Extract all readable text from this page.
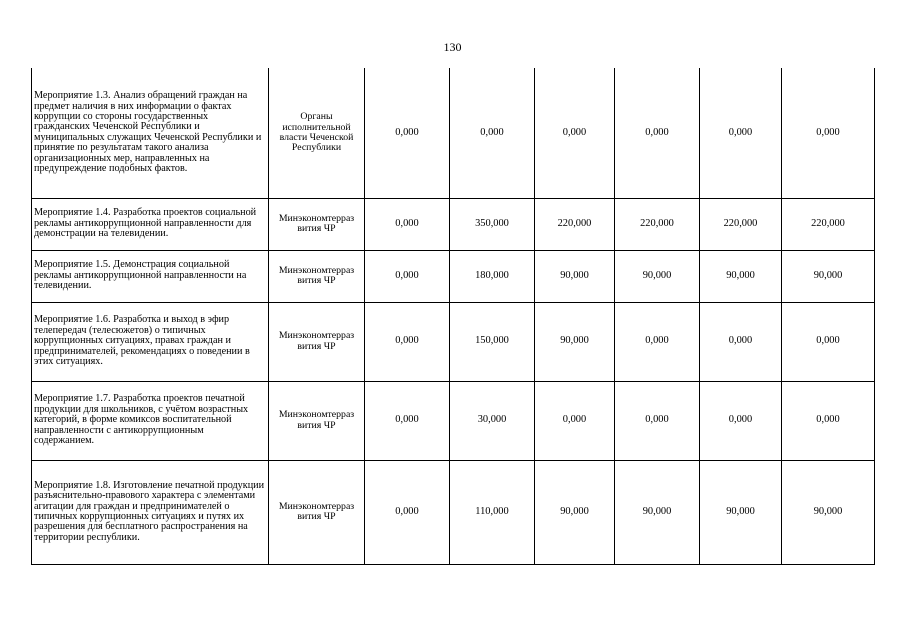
130
Мероприятие 1.3. Анализ обращений граждан на предмет наличия в них информации о фактах коррупции со стороны государственных гражданских Чеченской Республики и муниципальных служащих Чеченской Республики и принятие по результатам такого анализа организационных мер, направленных на предупреждение подобных фактов.	Органы исполнительной власти Чеченской Республики	0,000	0,000	0,000	0,000	0,000	0,000
Мероприятие 1.4. Разработка проектов социальной рекламы антикоррупционной направленности для демонстрации на телевидении.	Минэкономтерраз вития ЧР	0,000	350,000	220,000	220,000	220,000	220,000
Мероприятие 1.5. Демонстрация социальной рекламы антикоррупционной направленности на телевидении.	Минэкономтерраз вития ЧР	0,000	180,000	90,000	90,000	90,000	90,000
Мероприятие 1.6. Разработка и выход в эфир телепередач (телесюжетов) о типичных коррупционных ситуациях, правах граждан и предпринимателей, рекомендациях о поведении в этих ситуациях.	Минэкономтерраз вития ЧР	0,000	150,000	90,000	0,000	0,000	0,000
Мероприятие 1.7. Разработка проектов печатной продукции для школьников, с учётом возрастных категорий, в форме комиксов воспитательной направленности с антикоррупционным содержанием.	Минэкономтерраз вития ЧР	0,000	30,000	0,000	0,000	0,000	0,000
Мероприятие 1.8. Изготовление печатной продукции разъяснительно-правового характера с элементами агитации для граждан и предпринимателей о типичных коррупционных ситуациях и путях их разрешения для бесплатного распространения на территории республики.	Минэкономтерраз вития ЧР	0,000	110,000	90,000	90,000	90,000	90,000
